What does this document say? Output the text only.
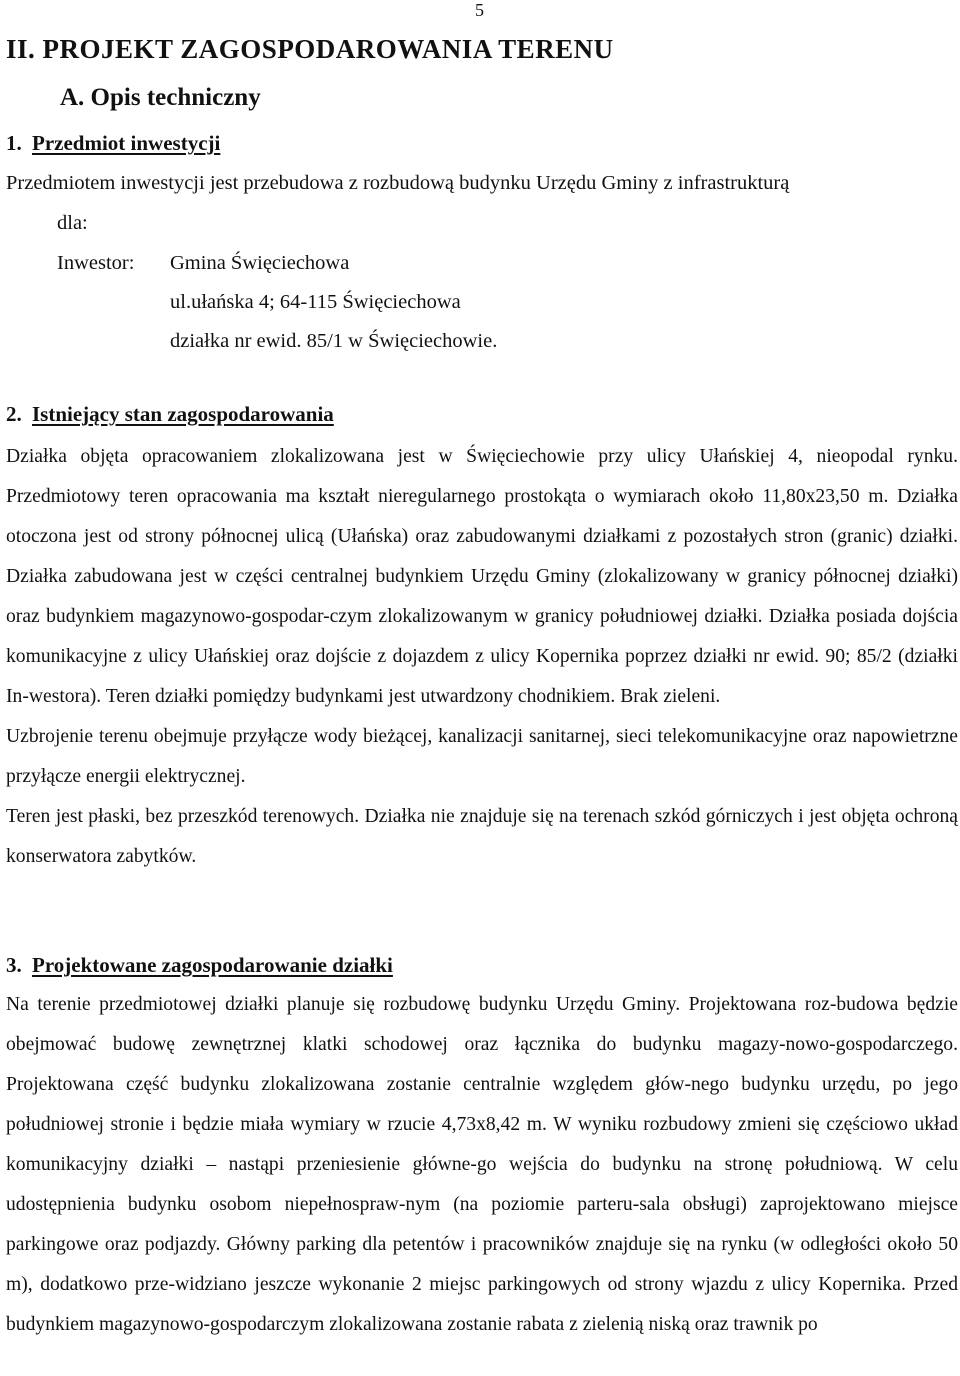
5
II. PROJEKT ZAGOSPODAROWANIA TERENU
A. Opis techniczny
1. Przedmiot inwestycji
Przedmiotem inwestycji jest przebudowa z rozbudową budynku Urzędu Gminy z infrastrukturą
dla:
Inwestor: Gmina Święciechowa
ul.ułańska 4; 64-115 Święciechowa
działka nr ewid. 85/1 w Święciechowie.
2. Istniejący stan zagospodarowania

Działka objęta opracowaniem zlokalizowana jest w Święciechowie przy ulicy Ułańskiej 4, nieopodal rynku. Przedmiotowy teren opracowania ma kształt nieregularnego prostokąta o wymiarach około 11,80x23,50 m. Działka otoczona jest od strony północnej ulicą (Ułańska) oraz zabudowanymi działkami z pozostałych stron (granic) działki. Działka zabudowana jest w części centralnej budynkiem Urzędu Gminy (zlokalizowany w granicy północnej działki) oraz budynkiem magazynowo-gospodar-czym zlokalizowanym w granicy południowej działki. Działka posiada dojścia komunikacyjne z ulicy Ułańskiej oraz dojście z dojazdem z ulicy Kopernika poprzez działki nr ewid. 90; 85/2 (działki In-westora). Teren działki pomiędzy budynkami jest utwardzony chodnikiem. Brak zieleni.

Uzbrojenie terenu obejmuje przyłącze wody bieżącej, kanalizacji sanitarnej, sieci telekomunikacyjne oraz napowietrzne przyłącze energii elektrycznej.

Teren jest płaski, bez przeszkód terenowych. Działka nie znajduje się na terenach szkód górniczych i jest objęta ochroną konserwatora zabytków.

3. Projektowane zagospodarowanie działki

Na terenie przedmiotowej działki planuje się rozbudowę budynku Urzędu Gminy. Projektowana roz-budowa będzie obejmować budowę zewnętrznej klatki schodowej oraz łącznika do budynku magazy-nowo-gospodarczego. Projektowana część budynku zlokalizowana zostanie centralnie względem głów-nego budynku urzędu, po jego południowej stronie i będzie miała wymiary w rzucie 4,73x8,42 m. W wyniku rozbudowy zmieni się częściowo układ komunikacyjny działki – nastąpi przeniesienie główne-go wejścia do budynku na stronę południową. W celu udostępnienia budynku osobom niepełnospraw-nym (na poziomie parteru-sala obsługi) zaprojektowano miejsce parkingowe oraz podjazdy. Główny parking dla petentów i pracowników znajduje się na rynku (w odległości około 50 m), dodatkowo prze-widziano jeszcze wykonanie 2 miejsc parkingowych od strony wjazdu z ulicy Kopernika. Przed budynkiem magazynowo-gospodarczym zlokalizowana zostanie rabata z zielenią niską oraz trawnik po
